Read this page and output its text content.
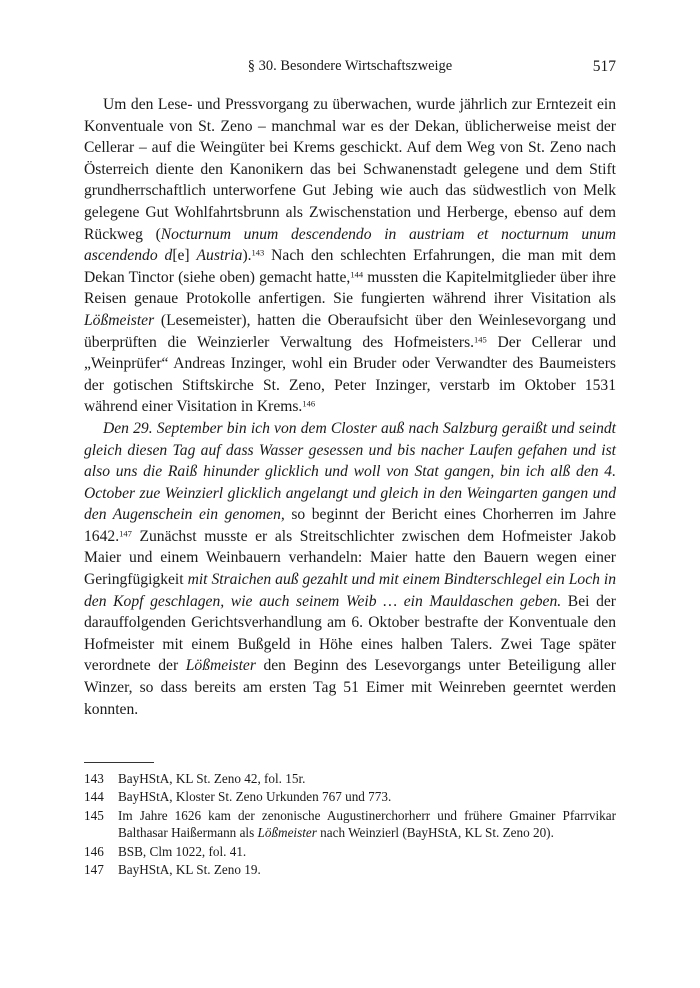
§ 30. Besondere Wirtschaftszweige	517

Um den Lese- und Pressvorgang zu überwachen, wurde jährlich zur Erntezeit ein Konventuale von St. Zeno – manchmal war es der Dekan, üblicherweise meist der Cellerar – auf die Weingüter bei Krems geschickt. Auf dem Weg von St. Zeno nach Österreich diente den Kanonikern das bei Schwanenstadt gelegene und dem Stift grundherrschaftlich unterworfene Gut Jebing wie auch das südwestlich von Melk gelegene Gut Wohlfahrtsbrunn als Zwischenstation und Herberge, ebenso auf dem Rückweg (Nocturnum unum descendendo in austriam et nocturnum unum ascendendo d[e] Austria).$^{143}$ Nach den schlechten Erfahrungen, die man mit dem Dekan Tinctor (siehe oben) gemacht hatte,$^{144}$ mussten die Kapitelmitglieder über ihre Reisen genaue Protokolle anfertigen. Sie fungierten während ihrer Visitation als Lößmeister (Lesemeister), hatten die Oberaufsicht über den Weinlesevorgang und überprüften die Weinzierler Verwaltung des Hofmeisters.$^{145}$ Der Cellerar und „Weinprüfer“ Andreas Inzinger, wohl ein Bruder oder Verwandter des Baumeisters der gotischen Stiftskirche St. Zeno, Peter Inzinger, verstarb im Oktober 1531 während einer Visitation in Krems.$^{146}$

Den 29. September bin ich von dem Closter auß nach Salzburg geraißt und seindt gleich diesen Tag auf dass Wasser gesessen und bis nacher Laufen gefahen und ist also uns die Raiß hinunder glicklich und woll von Stat gangen, bin ich alß den 4. October zue Weinzierl glicklich angelangt und gleich in den Weingarten gangen und den Augenschein ein genomen, so beginnt der Bericht eines Chorherren im Jahre 1642.$^{147}$ Zunächst musste er als Streitschlichter zwischen dem Hofmeister Jakob Maier und einem Weinbauern verhandeln: Maier hatte den Bauern wegen einer Geringfügigkeit mit Straichen auß gezahlt und mit einem Bindterschlegel ein Loch in den Kopf geschlagen, wie auch seinem Weib … ein Mauldaschen geben. Bei der darauffolgenden Gerichtsverhandlung am 6. Oktober bestrafte der Konventuale den Hofmeister mit einem Bußgeld in Höhe eines halben Talers. Zwei Tage später verordnete der Lößmeister den Beginn des Lesevorgangs unter Beteiligung aller Winzer, so dass bereits am ersten Tag 51 Eimer mit Weinreben geerntet werden konnten.

143 BayHStA, KL St. Zeno 42, fol. 15r.

144 BayHStA, Kloster St. Zeno Urkunden 767 und 773.

145 Im Jahre 1626 kam der zenonische Augustinerchorherr und frühere Gmainer Pfarrvikar Balthasar Haißermann als Lößmeister nach Weinzierl (BayHStA, KL St. Zeno 20).

146 BSB, Clm 1022, fol. 41.

147 BayHStA, KL St. Zeno 19.
